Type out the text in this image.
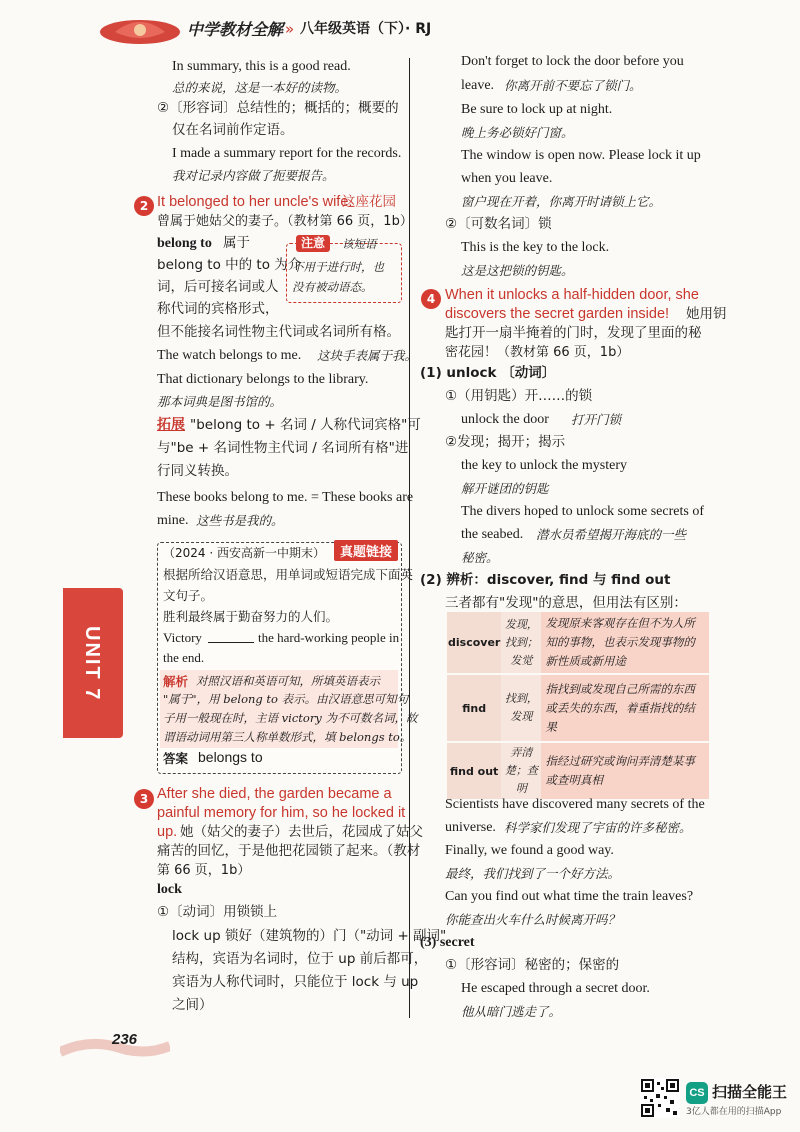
中学教材全解 » 八年级英语（下）· RJ
In summary, this is a good read.
总的来说，这是一本好的读物。
②〔形容词〕总结性的；概括的；概要的
仅在名词前作定语。
I made a summary report for the records.
我对记录内容做了扼要报告。
2 It belonged to her uncle's wife.
这座花园
曾属于她姑父的妻子。（教材第 66 页，1b）
belong to 属于
belong to 中的 to 为介
词，后可接名词或人
称代词的宾格形式，
但不能接名词性物主代词或名词所有格。
注意	该短语
不用于进行时，也
没有被动语态。
The watch belongs to me. 这块手表属于我。
That dictionary belongs to the library.
那本词典是图书馆的。
拓展 "belong to + 名词 / 人称代词宾格"可
与"be + 名词性物主代词 / 名词所有格"进
行同义转换。
These books belong to me. = These books are
mine. 这些书是我的。
（2024 · 西安高新一中期末）	真题链接
根据所给汉语意思，用单词或短语完成下面英
文句子。
胜利最终属于勤奋努力的人们。
Victory	the hard-working people in
the end.
解析 对照汉语和英语可知，所填英语表示
"属于"，用 belong to 表示。由汉语意思可知句
子用一般现在时，主语 victory 为不可数名词，故
谓语动词用第三人称单数形式，填 belongs to。
答案 belongs to
3 After she died, the garden became a
painful memory for him, so he locked it
up. 她（姑父的妻子）去世后，花园成了姑父
痛苦的回忆，于是他把花园锁了起来。（教材
第 66 页，1b）
lock
①〔动词〕用锁锁上
lock up 锁好（建筑物的）门（"动词 + 副词"
结构，宾语为名词时，位于 up 前后都可，
宾语为人称代词时，只能位于 lock 与 up
之间）
UNIT 7
236
Don't forget to lock the door before you
leave. 你离开前不要忘了锁门。
Be sure to lock up at night.
晚上务必锁好门窗。
The window is open now. Please lock it up
when you leave.
窗户现在开着，你离开时请锁上它。
②〔可数名词〕锁
This is the key to the lock.
这是这把锁的钥匙。
4 When it unlocks a half-hidden door, she
discovers the secret garden inside! 她用钥
匙打开一扇半掩着的门时，发现了里面的秘
密花园！（教材第 66 页，1b）
(1) unlock 〔动词〕
①（用钥匙）开……的锁
unlock the door 打开门锁
②发现；揭开；揭示
the key to unlock the mystery
解开谜团的钥匙
The divers hoped to unlock some secrets of
the seabed. 潜水员希望揭开海底的一些
秘密。
(2) 辨析：discover, find 与 find out
三者都有"发现"的意思，但用法有区别：
discover	发现，找到；发觉	发现原来客观存在但不为人所知的事物，也表示发现事物的新性质或新用途
find	找到，发现	指找到或发现自己所需的东西或丢失的东西，着重指找的结果
find out	弄清楚；查明	指经过研究或询问弄清楚某事或查明真相
Scientists have discovered many secrets of the
universe. 科学家们发现了宇宙的许多秘密。
Finally, we found a good way.
最终，我们找到了一个好方法。
Can you find out what time the train leaves?
你能查出火车什么时候离开吗？
(3) secret
①〔形容词〕秘密的；保密的
He escaped through a secret door.
他从暗门逃走了。
CS 扫描全能王
3亿人都在用的扫描App
